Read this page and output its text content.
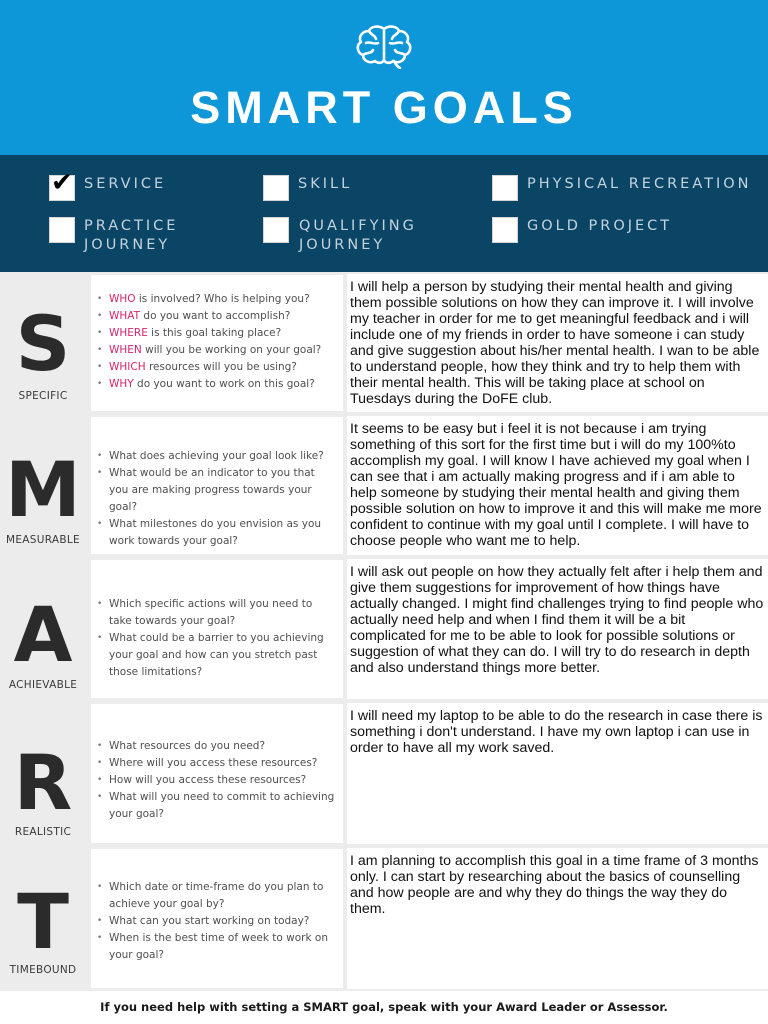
SMART GOALS
✔ SERVICE	SKILL	PHYSICAL RECREATION
PRACTICE
JOURNEY
QUALIFYING
JOURNEY
GOLD PROJECT
S
SPECIFIC
• WHO is involved? Who is helping you?
• WHAT do you want to accomplish?
• WHERE is this goal taking place?
• WHEN will you be working on your goal?
• WHICH resources will you be using?
• WHY do you want to work on this goal?

I will help a person by studying their mental health and giving them possible solutions on how they can improve it. I will involve my teacher in order for me to get meaningful feedback and i will include one of my friends in order to have someone i can study and give suggestion about his/her mental health. I wan to be able to understand people, how they think and try to help them with their mental health. This will be taking place at school on Tuesdays during the DoFE club.

M
MEASURABLE
• What does achieving your goal look like?
• What would be an indicator to you that you are making progress towards your goal?
• What milestones do you envision as you work towards your goal?

It seems to be easy but i feel it is not because i am trying something of this sort for the first time but i will do my 100%to accomplish my goal. I will know I have achieved my goal when I can see that i am actually making progress and if i am able to help someone by studying their mental health and giving them possible solution on how to improve it and this will make me more confident to continue with my goal until I complete. I will have to choose people who want me to help.

A
ACHIEVABLE
• Which specific actions will you need to take towards your goal?
• What could be a barrier to you achieving your goal and how can you stretch past those limitations?

I will ask out people on how they actually felt after i help them and give them suggestions for improvement of how things have actually changed. I might find challenges trying to find people who actually need help and when I find them it will be a bit complicated for me to be able to look for possible solutions or suggestion of what they can do. I will try to do research in depth and also understand things more better.

R
REALISTIC
• What resources do you need?
• Where will you access these resources?
• How will you access these resources?
• What will you need to commit to achieving your goal?

I will need my laptop to be able to do the research in case there is something i don't understand. I have my own laptop i can use in order to have all my work saved.

T
TIMEBOUND
• Which date or time-frame do you plan to achieve your goal by?
• What can you start working on today?
• When is the best time of week to work on your goal?

I am planning to accomplish this goal in a time frame of 3 months only. I can start by researching about the basics of counselling and how people are and why they do things the way they do them.

If you need help with setting a SMART goal, speak with your Award Leader or Assessor.
